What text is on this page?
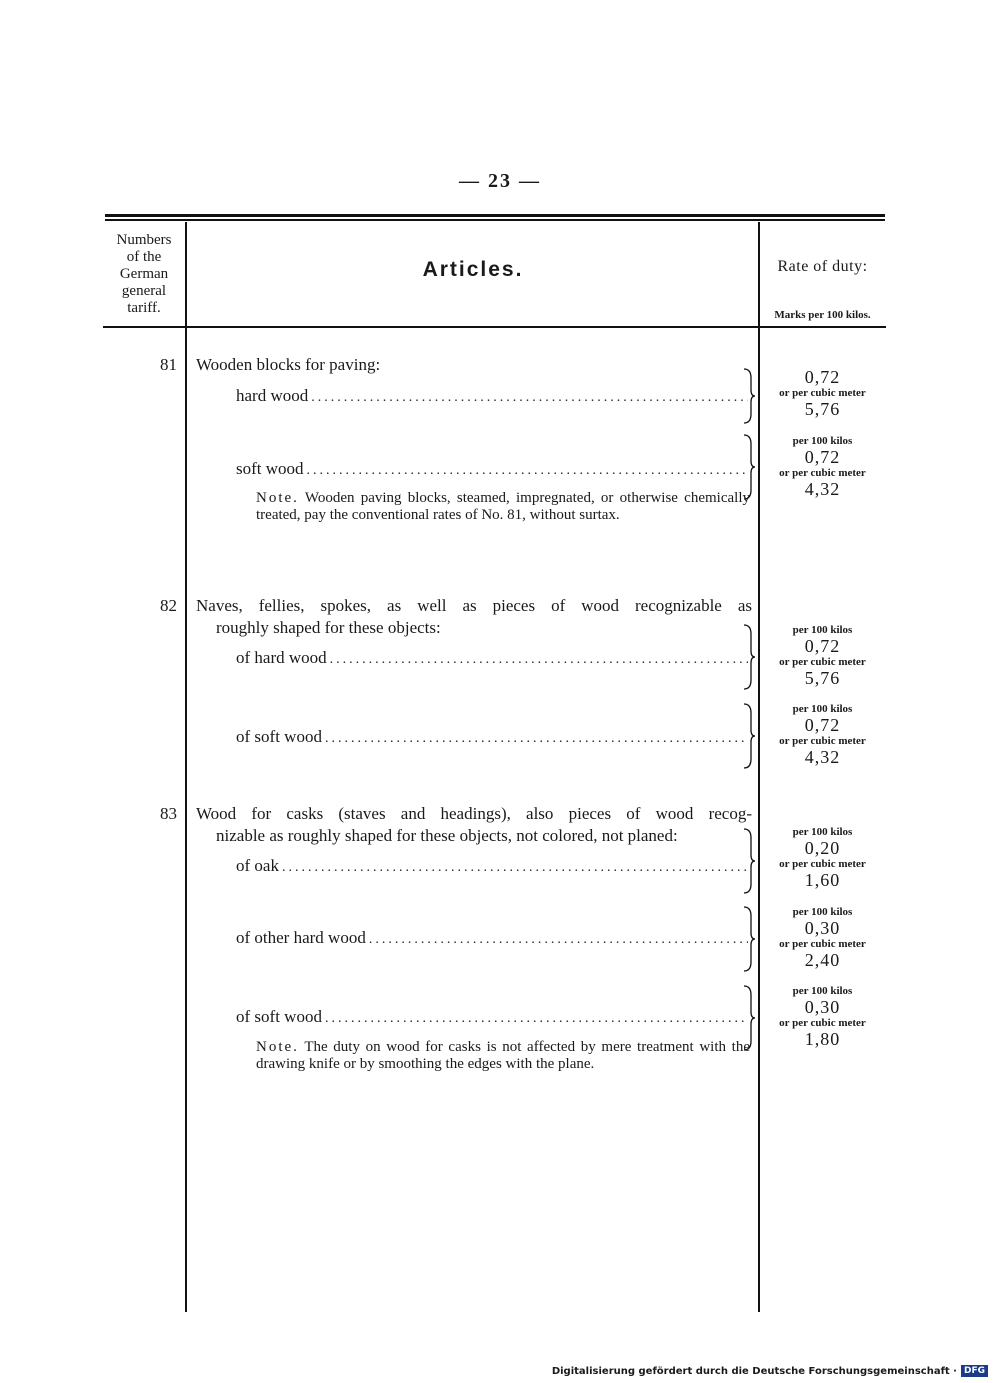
— 23 —
Numbers
of the
German
general
tariff.
Articles.	Rate of duty:
Marks per 100 kilos.
81 Wooden blocks for paving:
hard wood
.....
0,72
or per cubic meter
5,76
soft wood
.....
per 100 kilos
0,72
or per cubic meter
4,32
Note. Wooden paving blocks, steamed, impregnated, or otherwise chemically treated, pay the conventional rates of No. 81, without surtax.
82 Naves, fellies, spokes, as well as pieces of wood recognizable as
roughly shaped for these objects:
of hard wood
.....
per 100 kilos
0,72
or per cubic meter
5,76
of soft wood
.....
per 100 kilos
0,72
or per cubic meter
4,32
83 Wood for casks (staves and headings), also pieces of wood recog-
nizable as roughly shaped for these objects, not colored, not planed:
of oak
.....
per 100 kilos
0,20
or per cubic meter
1,60
of other hard wood
.....
per 100 kilos
0,30
or per cubic meter
2,40
of soft wood
.....
per 100 kilos
0,30
or per cubic meter
1,80
Note. The duty on wood for casks is not affected by mere treatment with the drawing knife or by smoothing the edges with the plane.
Digitalisierung gefördert durch die Deutsche Forschungsgemeinschaft · DFG
